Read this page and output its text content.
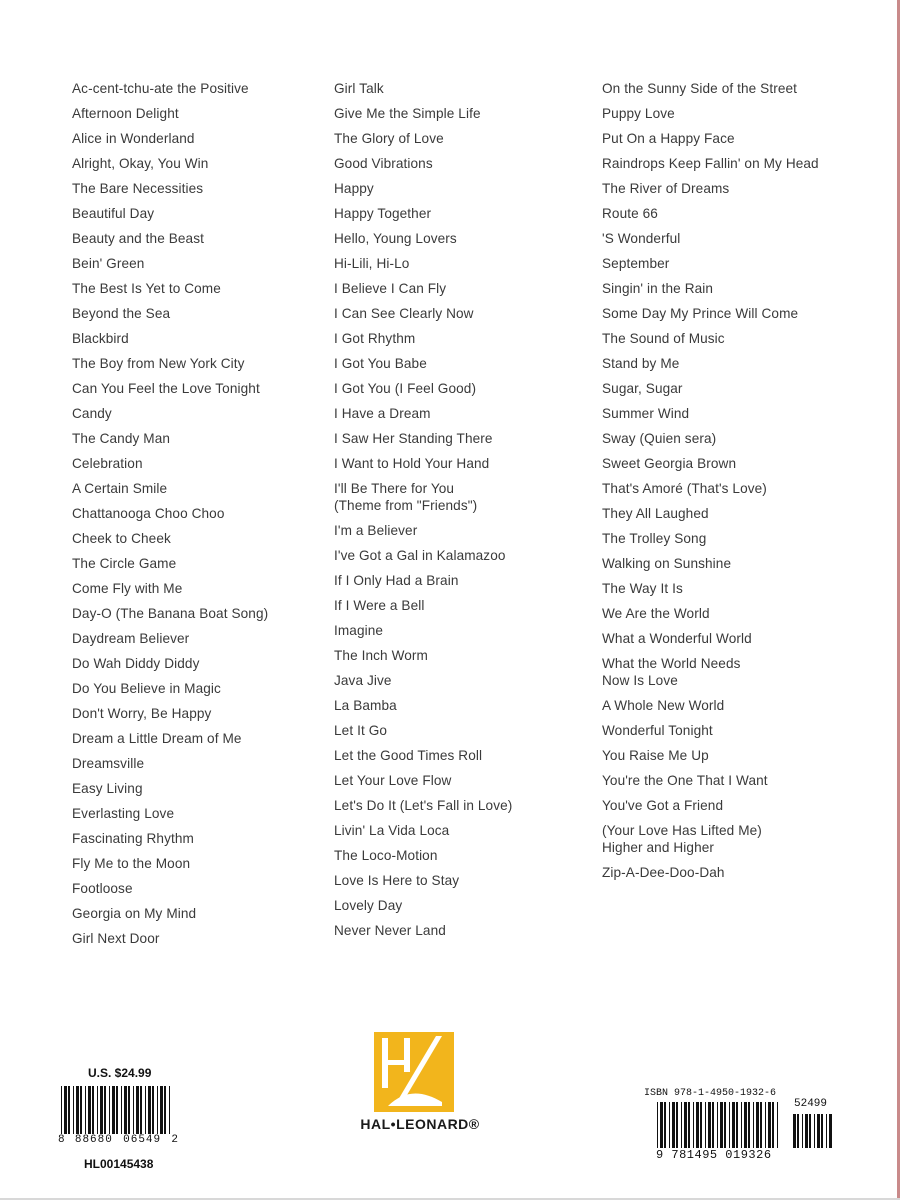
Ac-cent-tchu-ate the Positive
Afternoon Delight
Alice in Wonderland
Alright, Okay, You Win
The Bare Necessities
Beautiful Day
Beauty and the Beast
Bein' Green
The Best Is Yet to Come
Beyond the Sea
Blackbird
The Boy from New York City
Can You Feel the Love Tonight
Candy
The Candy Man
Celebration
A Certain Smile
Chattanooga Choo Choo
Cheek to Cheek
The Circle Game
Come Fly with Me
Day-O (The Banana Boat Song)
Daydream Believer
Do Wah Diddy Diddy
Do You Believe in Magic
Don't Worry, Be Happy
Dream a Little Dream of Me
Dreamsville
Easy Living
Everlasting Love
Fascinating Rhythm
Fly Me to the Moon
Footloose
Georgia on My Mind
Girl Next Door
Girl Talk
Give Me the Simple Life
The Glory of Love
Good Vibrations
Happy
Happy Together
Hello, Young Lovers
Hi-Lili, Hi-Lo
I Believe I Can Fly
I Can See Clearly Now
I Got Rhythm
I Got You Babe
I Got You (I Feel Good)
I Have a Dream
I Saw Her Standing There
I Want to Hold Your Hand
I'll Be There for You
(Theme from "Friends")
I'm a Believer
I've Got a Gal in Kalamazoo
If I Only Had a Brain
If I Were a Bell
Imagine
The Inch Worm
Java Jive
La Bamba
Let It Go
Let the Good Times Roll
Let Your Love Flow
Let's Do It (Let's Fall in Love)
Livin' La Vida Loca
The Loco-Motion
Love Is Here to Stay
Lovely Day
Never Never Land
On the Sunny Side of the Street
Puppy Love
Put On a Happy Face
Raindrops Keep Fallin' on My Head
The River of Dreams
Route 66
'S Wonderful
September
Singin' in the Rain
Some Day My Prince Will Come
The Sound of Music
Stand by Me
Sugar, Sugar
Summer Wind
Sway (Quien sera)
Sweet Georgia Brown
That's Amoré (That's Love)
They All Laughed
The Trolley Song
Walking on Sunshine
The Way It Is
We Are the World
What a Wonderful World
What the World Needs
Now Is Love
A Whole New World
Wonderful Tonight
You Raise Me Up
You're the One That I Want
You've Got a Friend
(Your Love Has Lifted Me)
Higher and Higher
Zip-A-Dee-Doo-Dah
U.S. $24.99
8 88680 06549 2
HL00145438
HAL•LEONARD®
ISBN 978-1-4950-1932-6
52499
9 781495 019326
